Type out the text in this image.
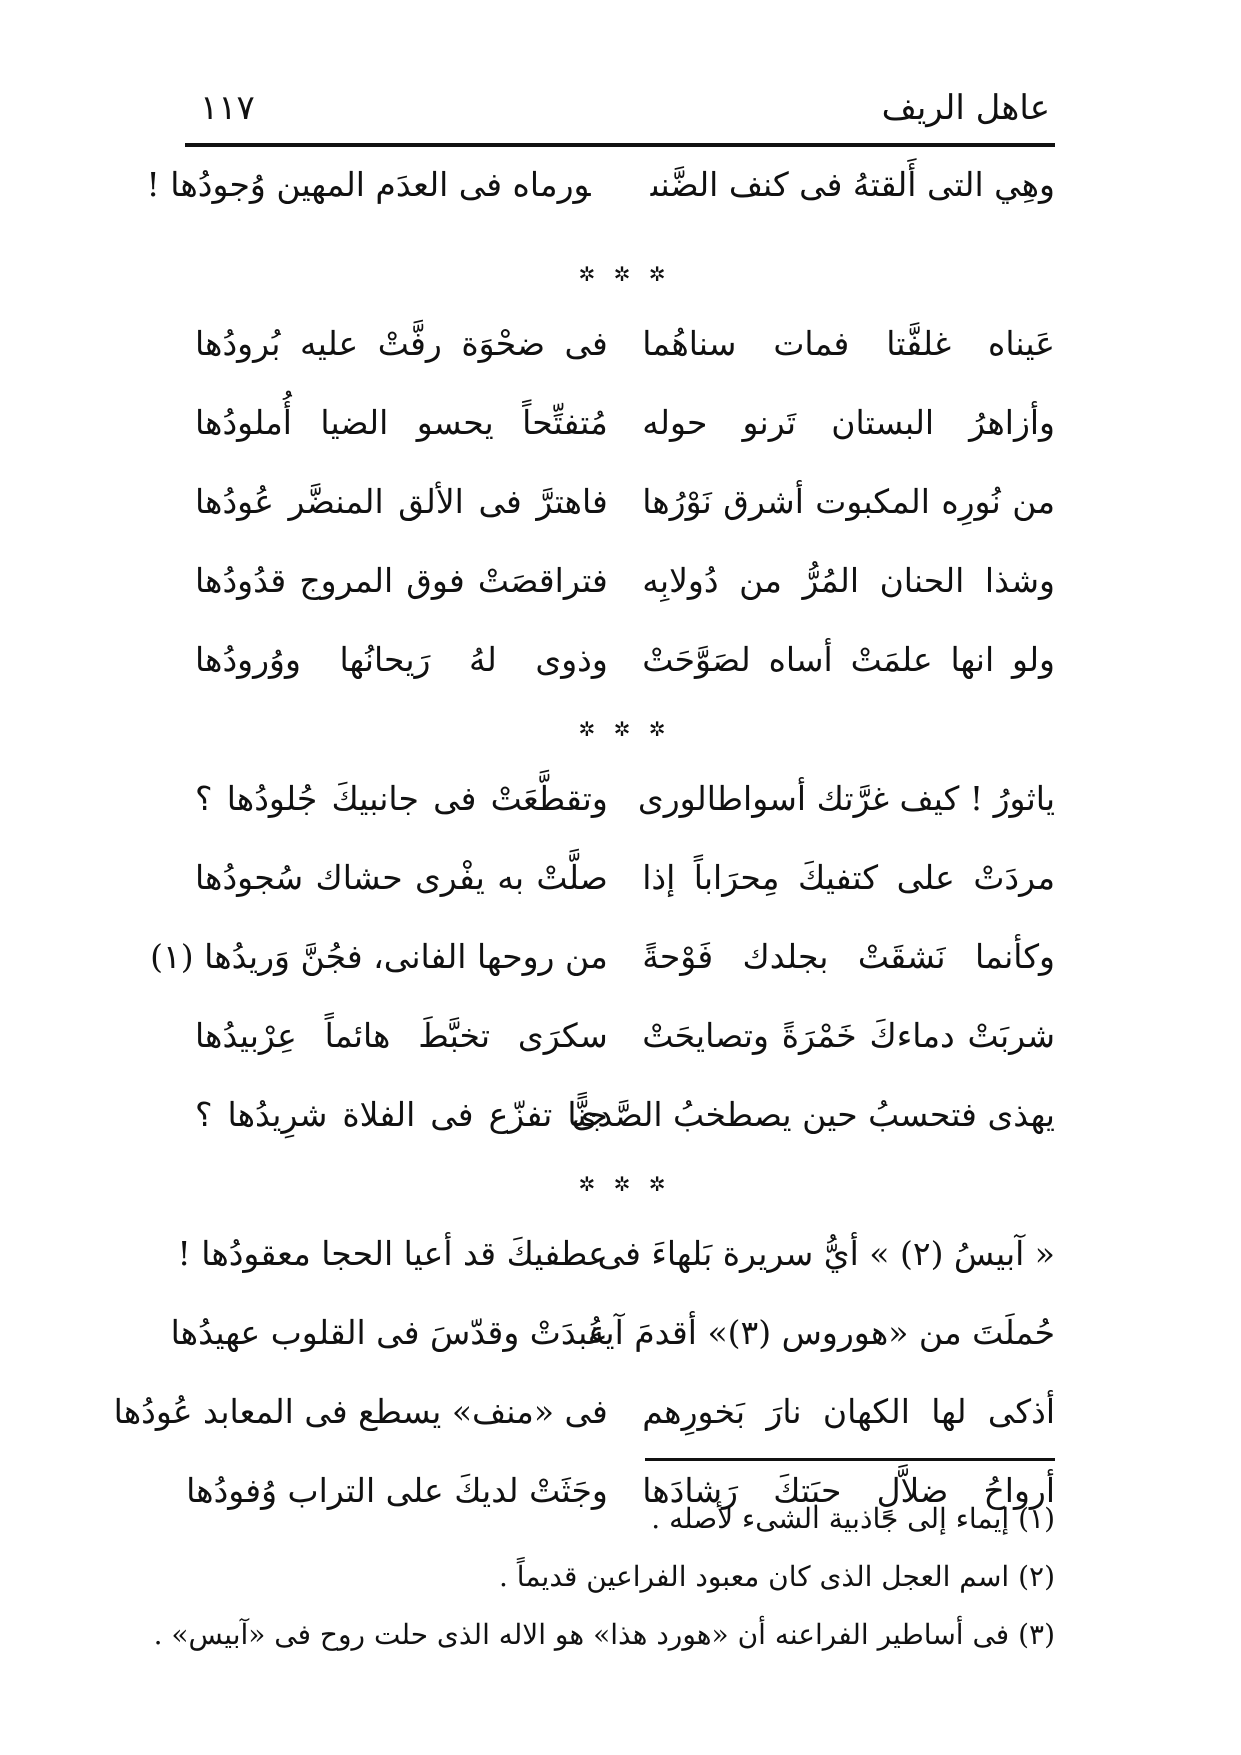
عاهل الريف
١١٧
وهِي التى أَلقتهُ فى كنف الضَّنىورماه فى العدَم المهين وُجودُها !
✲ ✲ ✲
عَيناه غلفَّتا فمات سناهُما
فى ضحْوَة رفَّتْ عليه بُرودُها
وأزاهرُ البستان تَرنو حوله
مُتفتِّحاً يحسو الضيا أُملودُها
من نُورِه المكبوت أشرق نَوْرُها
فاهترَّ فى الألق المنضَّر عُودُها
وشذا الحنان المُرُّ من دُولابِه
فتراقصَتْ فوق المروج قدُودُها
ولو انها علمَتْ أساه لصَوَّحَتْ
وذوى لهُ رَيحانُها ووُرودُها
✲ ✲ ✲
ياثورُ ! كيف غرَّتك أسواطالورى
وتقطَّعَتْ فى جانبيكَ جُلودُها ؟
مردَتْ على كتفيكَ مِحرَاباً إذا
صلَّتْ به يفْرى حشاك سُجودُها
وكأنما نَشقَتْ بجلدك فَوْحةً
من روحها الفانى، فجُنَّ وَريدُها (١)
شربَتْ دماءكَ خَمْرَةً وتصايحَتْ
سكرَى تخبَّطَ هائماً عِرْبيدُها
يهذى فتحسبُ حين يصطخبُ الصَّدى
جنًّا تفزّع فى الفلاة شرِيدُها ؟
✲ ✲ ✲
« آبيسُ (٢) » أيُّ سريرة بَلهاءَ فى
عطفيكَ قد أعيا الحجا معقودُها !
حُملَتَ من «هوروس (٣)» أقدمَ آية
عُبدَتْ وقدّسَ فى القلوب عهيدُها
أذكى لها الكهان نارَ بَخورِهم
فى «منف» يسطع فى المعابد عُودُها
أرواحُ ضلاَّلٍ حبَتكَ رَشادَها
وجَثَتْ لديكَ على التراب وُفودُها
(١) إيماء إلى جاذبية الشىء لأصله .
(٢) اسم العجل الذى كان معبود الفراعين قديماً .
(٣) فى أساطير الفراعنه أن «هورد هذا» هو الاله الذى حلت روح فى «آبيس» .
